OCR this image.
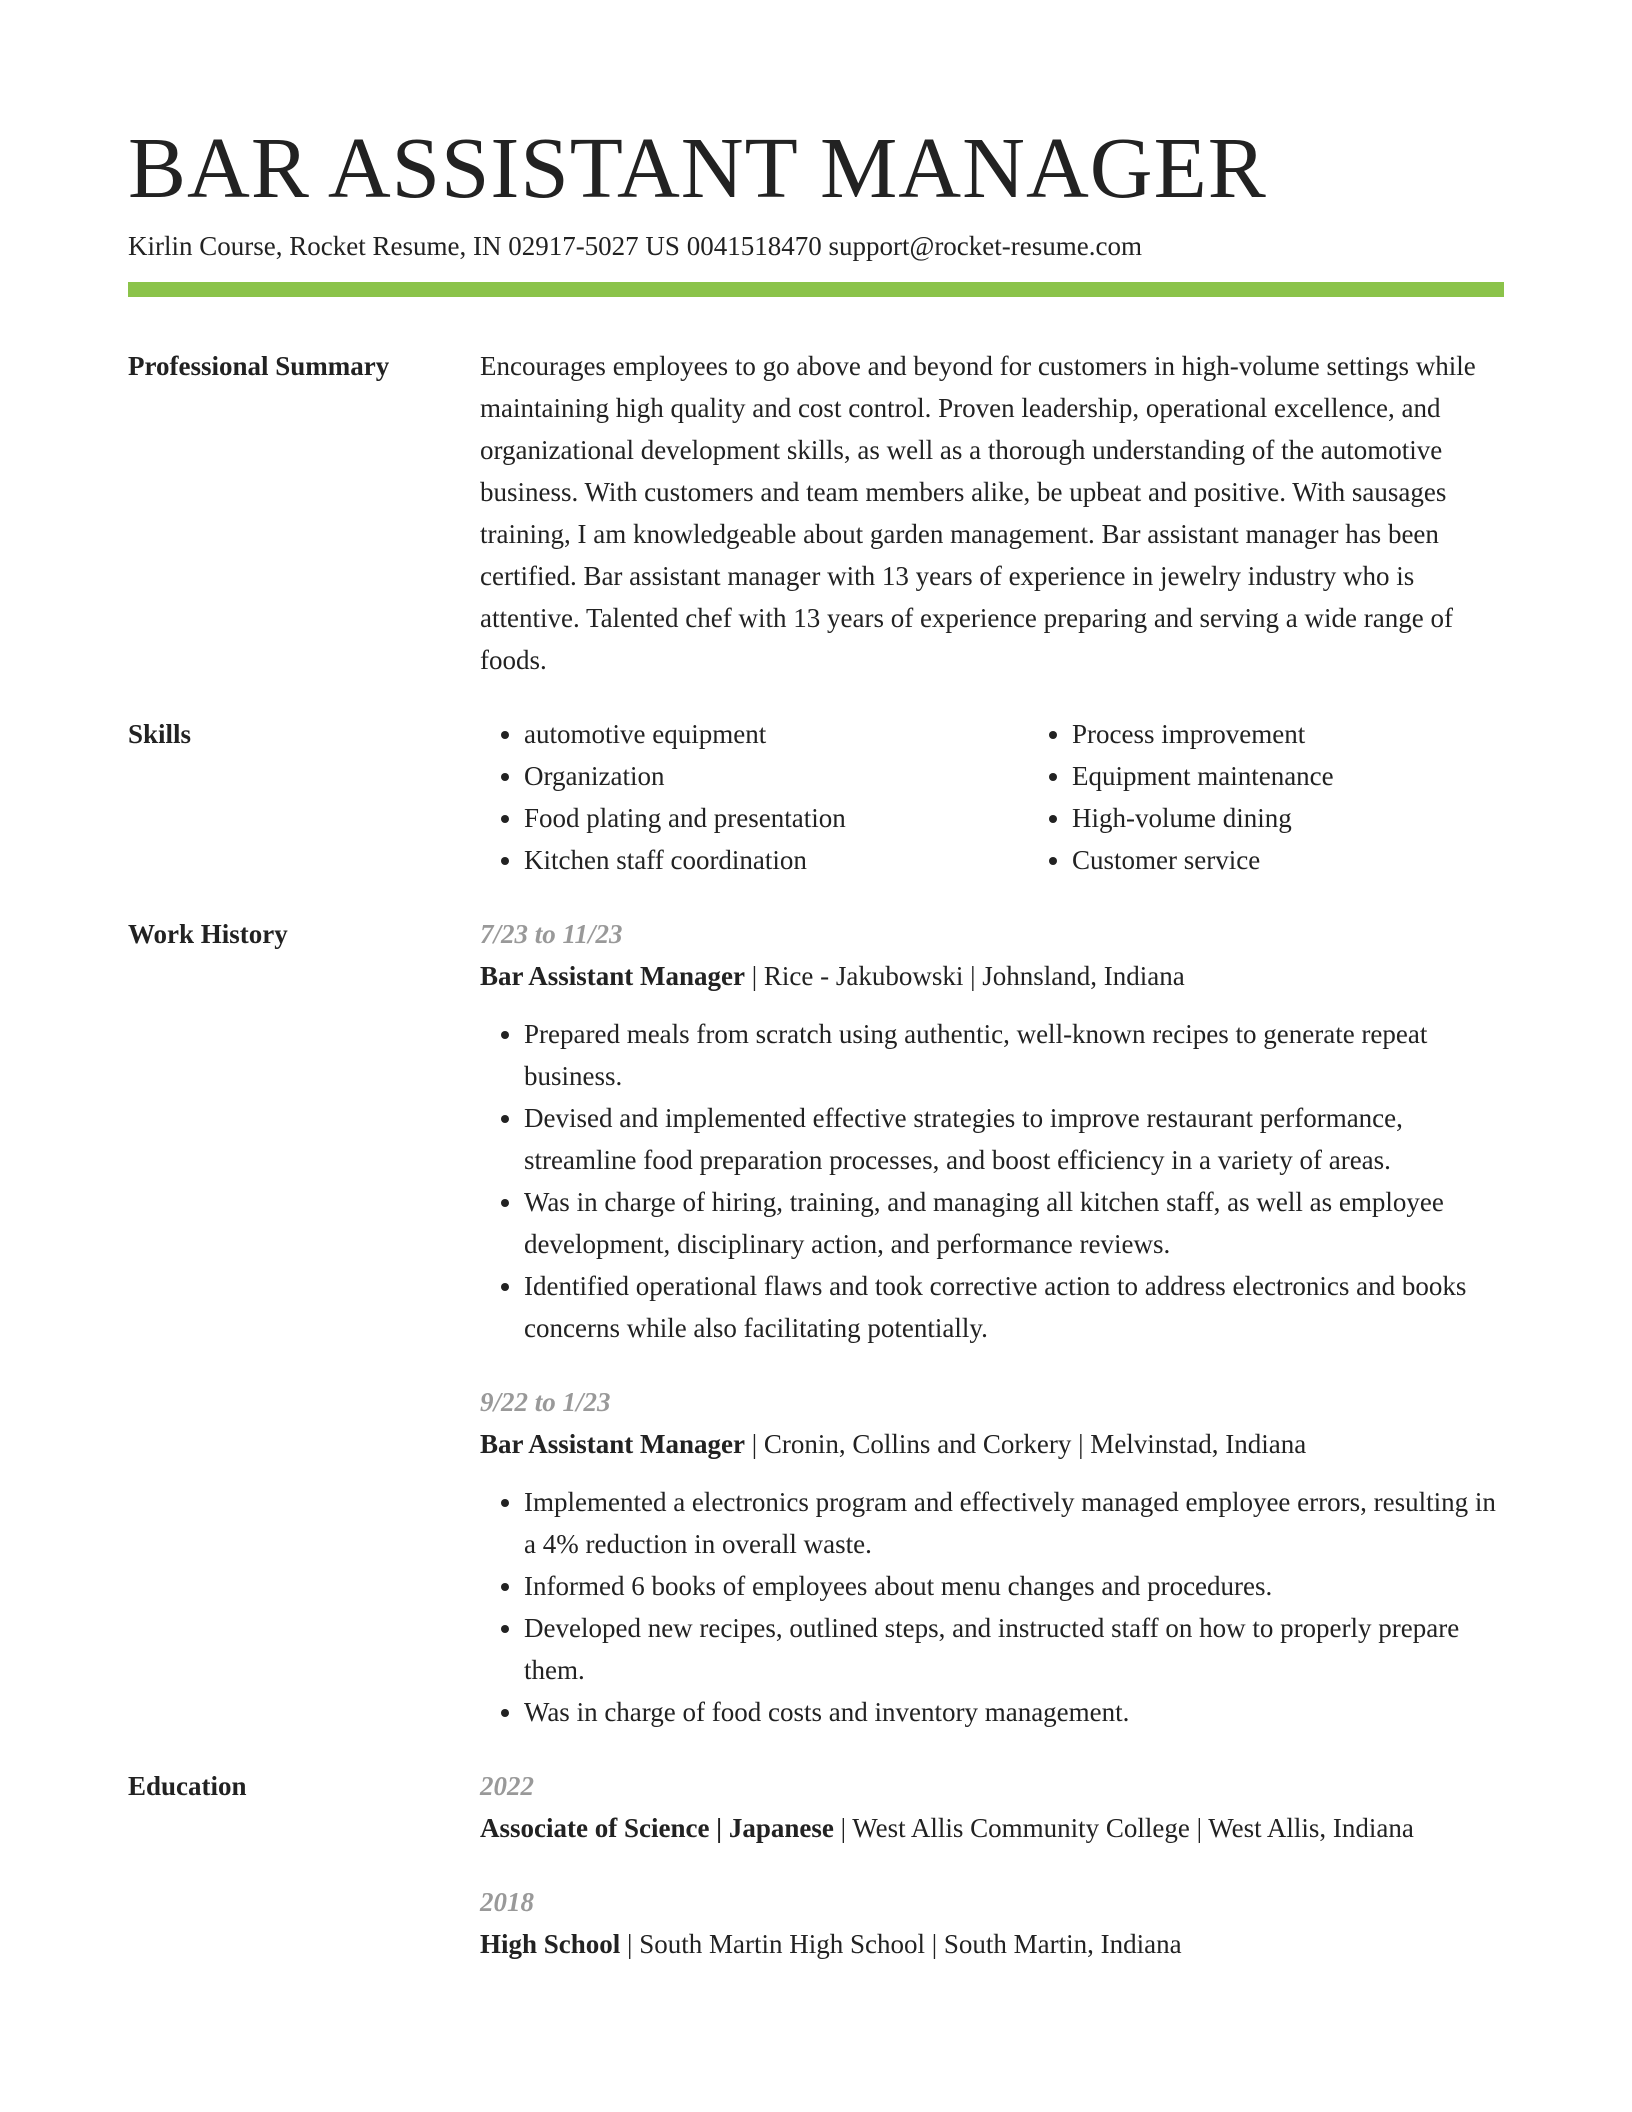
BAR ASSISTANT MANAGER
Kirlin Course, Rocket Resume, IN 02917-5027 US 0041518470 support@rocket-resume.com
Professional Summary	Encourages employees to go above and beyond for customers in high-volume settings while maintaining high quality and cost control. Proven leadership, operational excellence, and organizational development skills, as well as a thorough understanding of the automotive business. With customers and team members alike, be upbeat and positive. With sausages training, I am knowledgeable about garden management. Bar assistant manager has been certified. Bar assistant manager with 13 years of experience in jewelry industry who is attentive. Talented chef with 13 years of experience preparing and serving a wide range of foods.
Skills
•	automotive equipment
• Organization
• Food plating and presentation
• Kitchen staff coordination
• Process improvement
• Equipment maintenance
• High-volume dining
• Customer service
Work History	7/23 to 11/23
Bar Assistant Manager | Rice - Jakubowski | Johnsland, Indiana
• Prepared meals from scratch using authentic, well-known recipes to generate repeat business.
• Devised and implemented effective strategies to improve restaurant performance, streamline food preparation processes, and boost efficiency in a variety of areas.
• Was in charge of hiring, training, and managing all kitchen staff, as well as employee development, disciplinary action, and performance reviews.
• Identified operational flaws and took corrective action to address electronics and books concerns while also facilitating potentially.
9/22 to 1/23
Bar Assistant Manager | Cronin, Collins and Corkery | Melvinstad, Indiana
• Implemented a electronics program and effectively managed employee errors, resulting in a 4% reduction in overall waste.
• Informed 6 books of employees about menu changes and procedures.
• Developed new recipes, outlined steps, and instructed staff on how to properly prepare them.
• Was in charge of food costs and inventory management.
Education	2022
Associate of Science | Japanese | West Allis Community College | West Allis, Indiana
2018
High School | South Martin High School | South Martin, Indiana
